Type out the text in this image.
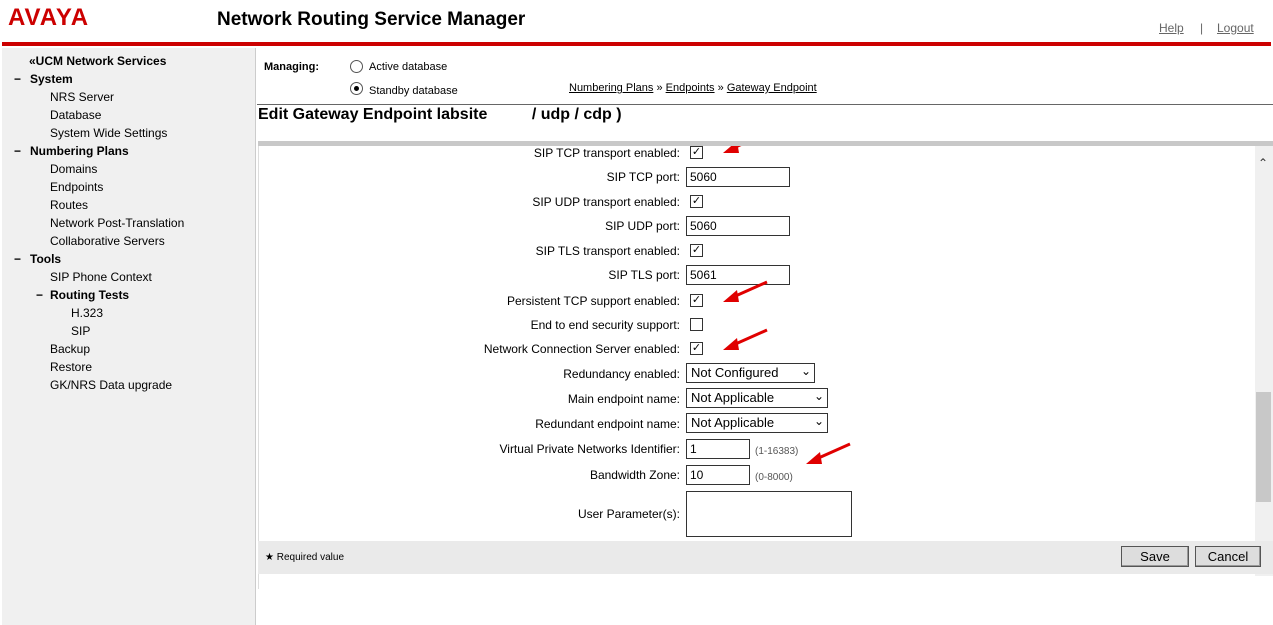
AVAYA	Network Routing Service Manager	Help | Logout
«UCM Network Services
− System
NRS Server
Database
System Wide Settings
− Numbering Plans
Domains
Endpoints
Routes
Network Post-Translation
Collaborative Servers
− Tools
SIP Phone Context
− Routing Tests
H.323
SIP
Backup
Restore
GK/NRS Data upgrade
Managing:	Active database
Standby database	Numbering Plans » Endpoints » Gateway Endpoint
Edit Gateway Endpoint labsite          / udp / cdp )
SIP TCP transport enabled: ✓
SIP TCP port: 5060
SIP UDP transport enabled: ✓
SIP UDP port: 5060
SIP TLS transport enabled: ✓
SIP TLS port: 5061
Persistent TCP support enabled: ✓
End to end security support:
Network Connection Server enabled: ✓
Redundancy enabled: Not Configured ⌄
Main endpoint name: Not Applicable	⌄
Redundant endpoint name: Not Applicable	⌄
Virtual Private Networks Identifier: 1	(1-16383)
Bandwidth Zone: 10	(0-8000)
User Parameter(s):
⌃
★ Required value	Save	Cancel
